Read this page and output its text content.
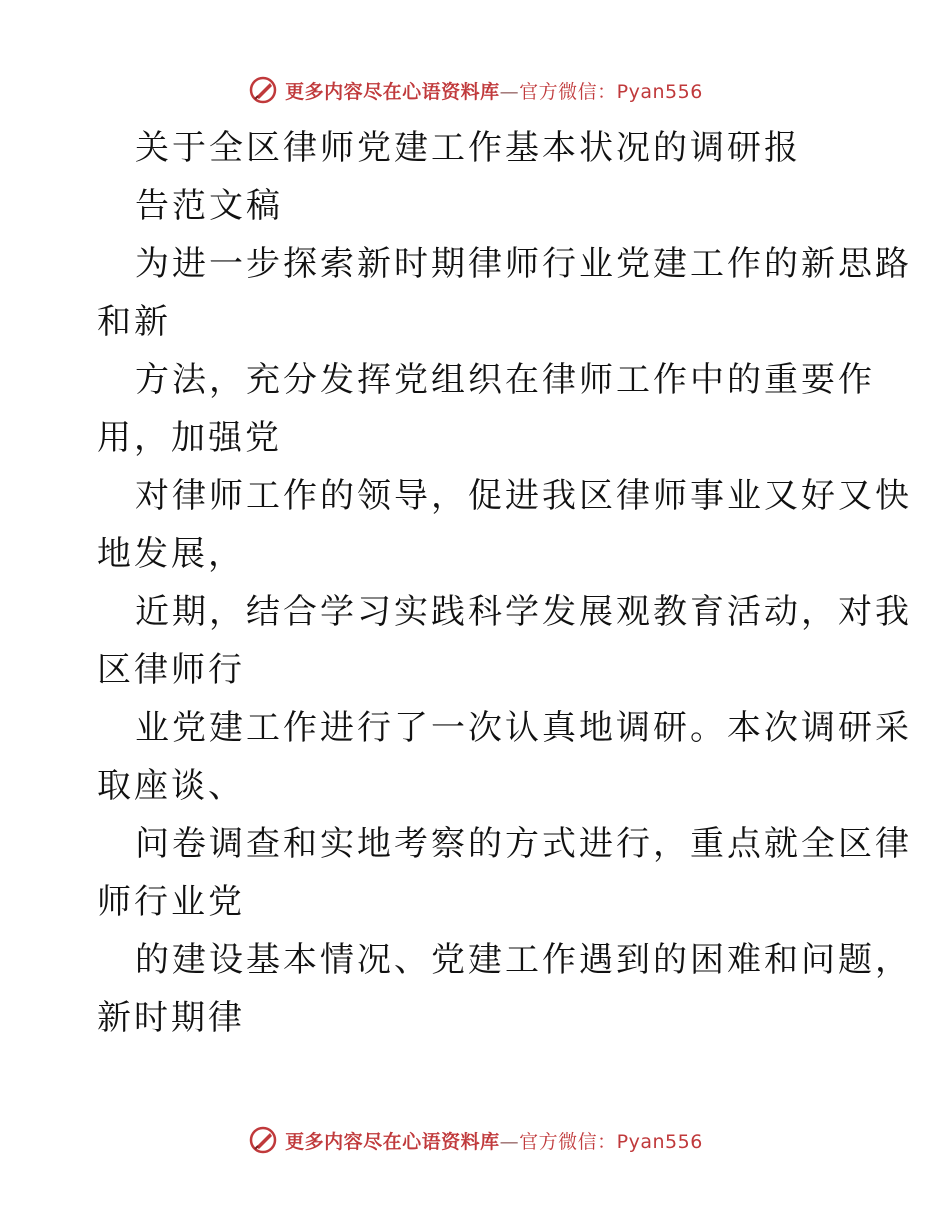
更多内容尽在心语资料库—官方微信：Pyan556

关于全区律师党建工作基本状况的调研报

告范文稿

为进一步探索新时期律师行业党建工作的新思路

和新

方法，充分发挥党组织在律师工作中的重要作

用，加强党

对律师工作的领导，促进我区律师事业又好又快

地发展，

近期，结合学习实践科学发展观教育活动，对我

区律师行

业党建工作进行了一次认真地调研。本次调研采

取座谈、

问卷调查和实地考察的方式进行，重点就全区律

师行业党

的建设基本情况、党建工作遇到的困难和问题，

新时期律

更多内容尽在心语资料库—官方微信：Pyan556
